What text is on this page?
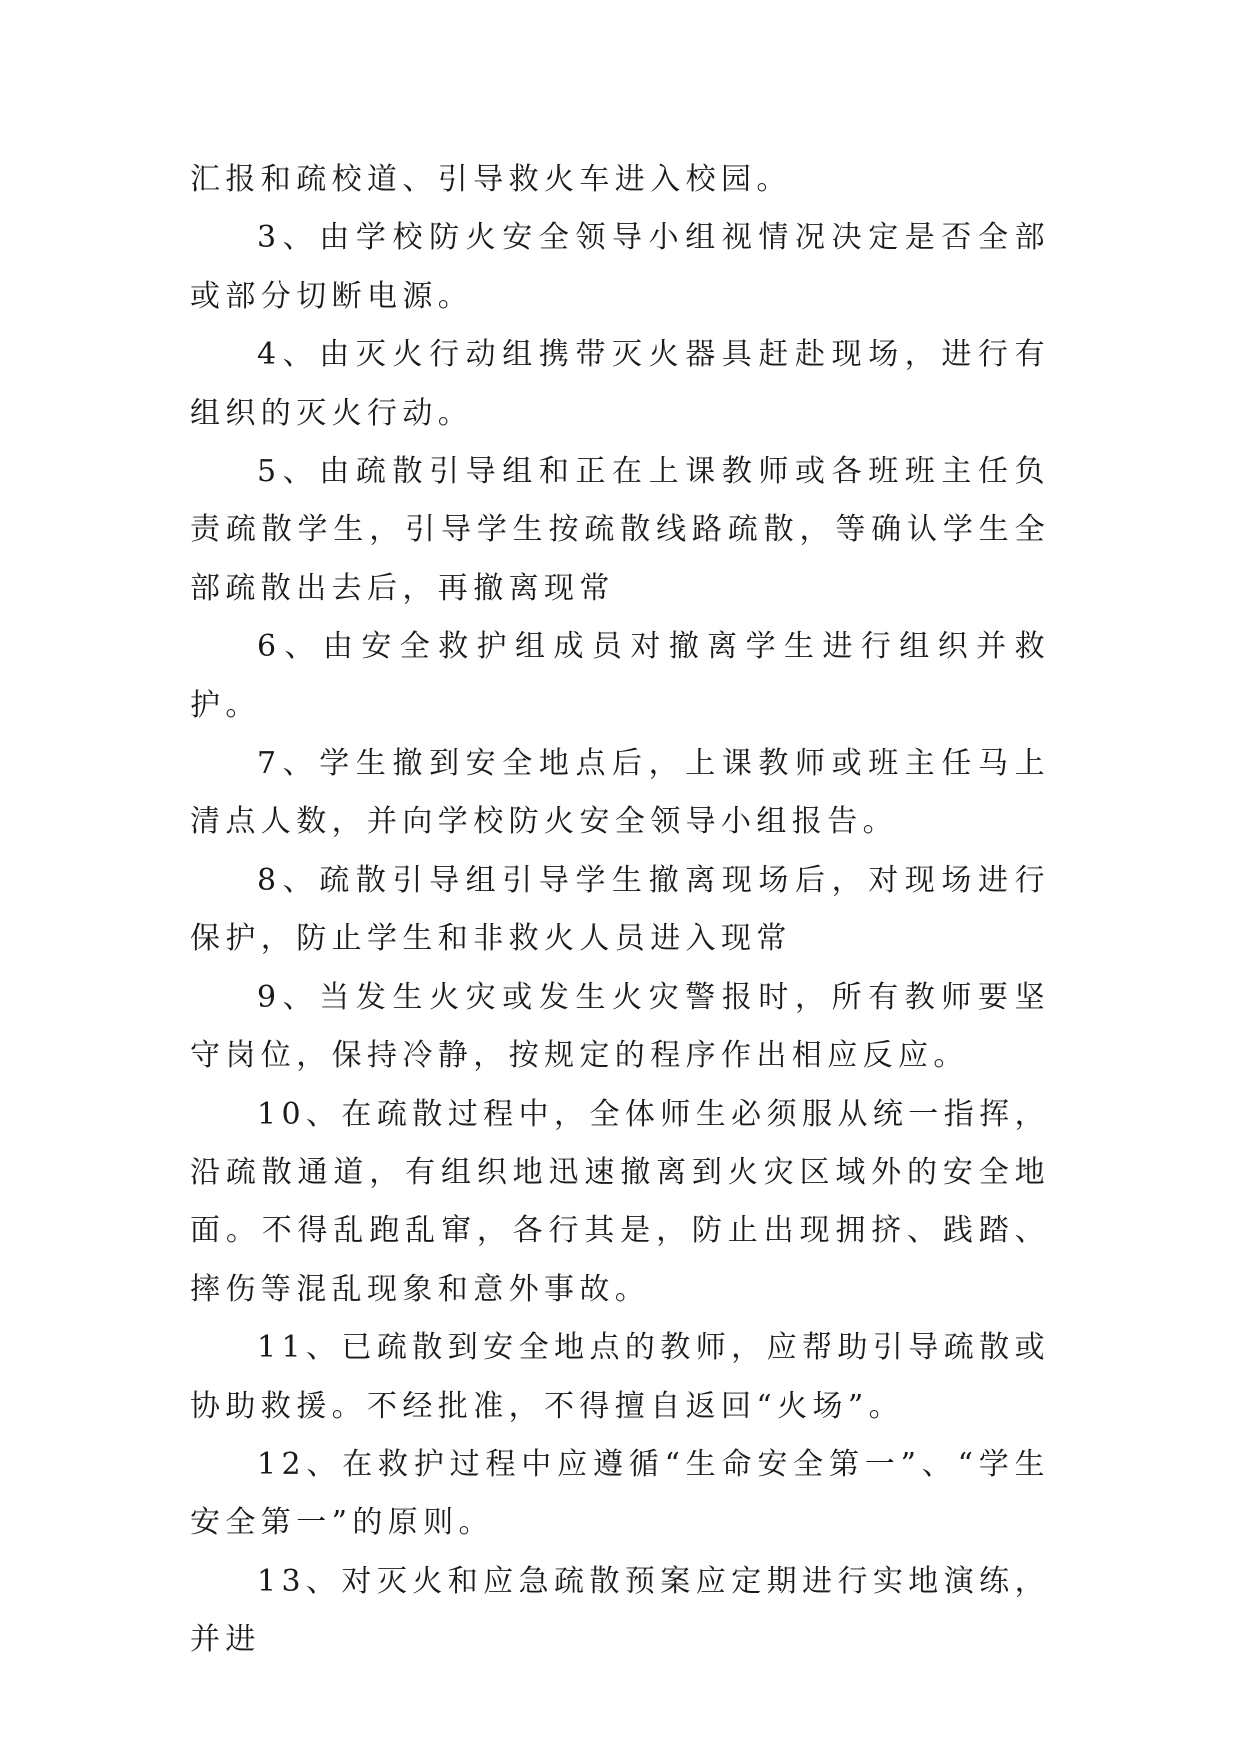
汇报和疏校道、引导救火车进入校园。

3、由学校防火安全领导小组视情况决定是否全部或部分切断电源。

4、由灭火行动组携带灭火器具赶赴现场，进行有组织的灭火行动。

5、由疏散引导组和正在上课教师或各班班主任负责疏散学生，引导学生按疏散线路疏散，等确认学生全部疏散出去后，再撤离现常

6、由安全救护组成员对撤离学生进行组织并救护。

7、学生撤到安全地点后，上课教师或班主任马上清点人数，并向学校防火安全领导小组报告。

8、疏散引导组引导学生撤离现场后，对现场进行保护，防止学生和非救火人员进入现常

9、当发生火灾或发生火灾警报时，所有教师要坚守岗位，保持冷静，按规定的程序作出相应反应。

10、在疏散过程中，全体师生必须服从统一指挥，沿疏散通道，有组织地迅速撤离到火灾区域外的安全地面。不得乱跑乱窜，各行其是，防止出现拥挤、践踏、摔伤等混乱现象和意外事故。

11、已疏散到安全地点的教师，应帮助引导疏散或协助救援。不经批准，不得擅自返回“火场”。

12、在救护过程中应遵循“生命安全第一”、“学生安全第一”的原则。

13、对灭火和应急疏散预案应定期进行实地演练，并进
